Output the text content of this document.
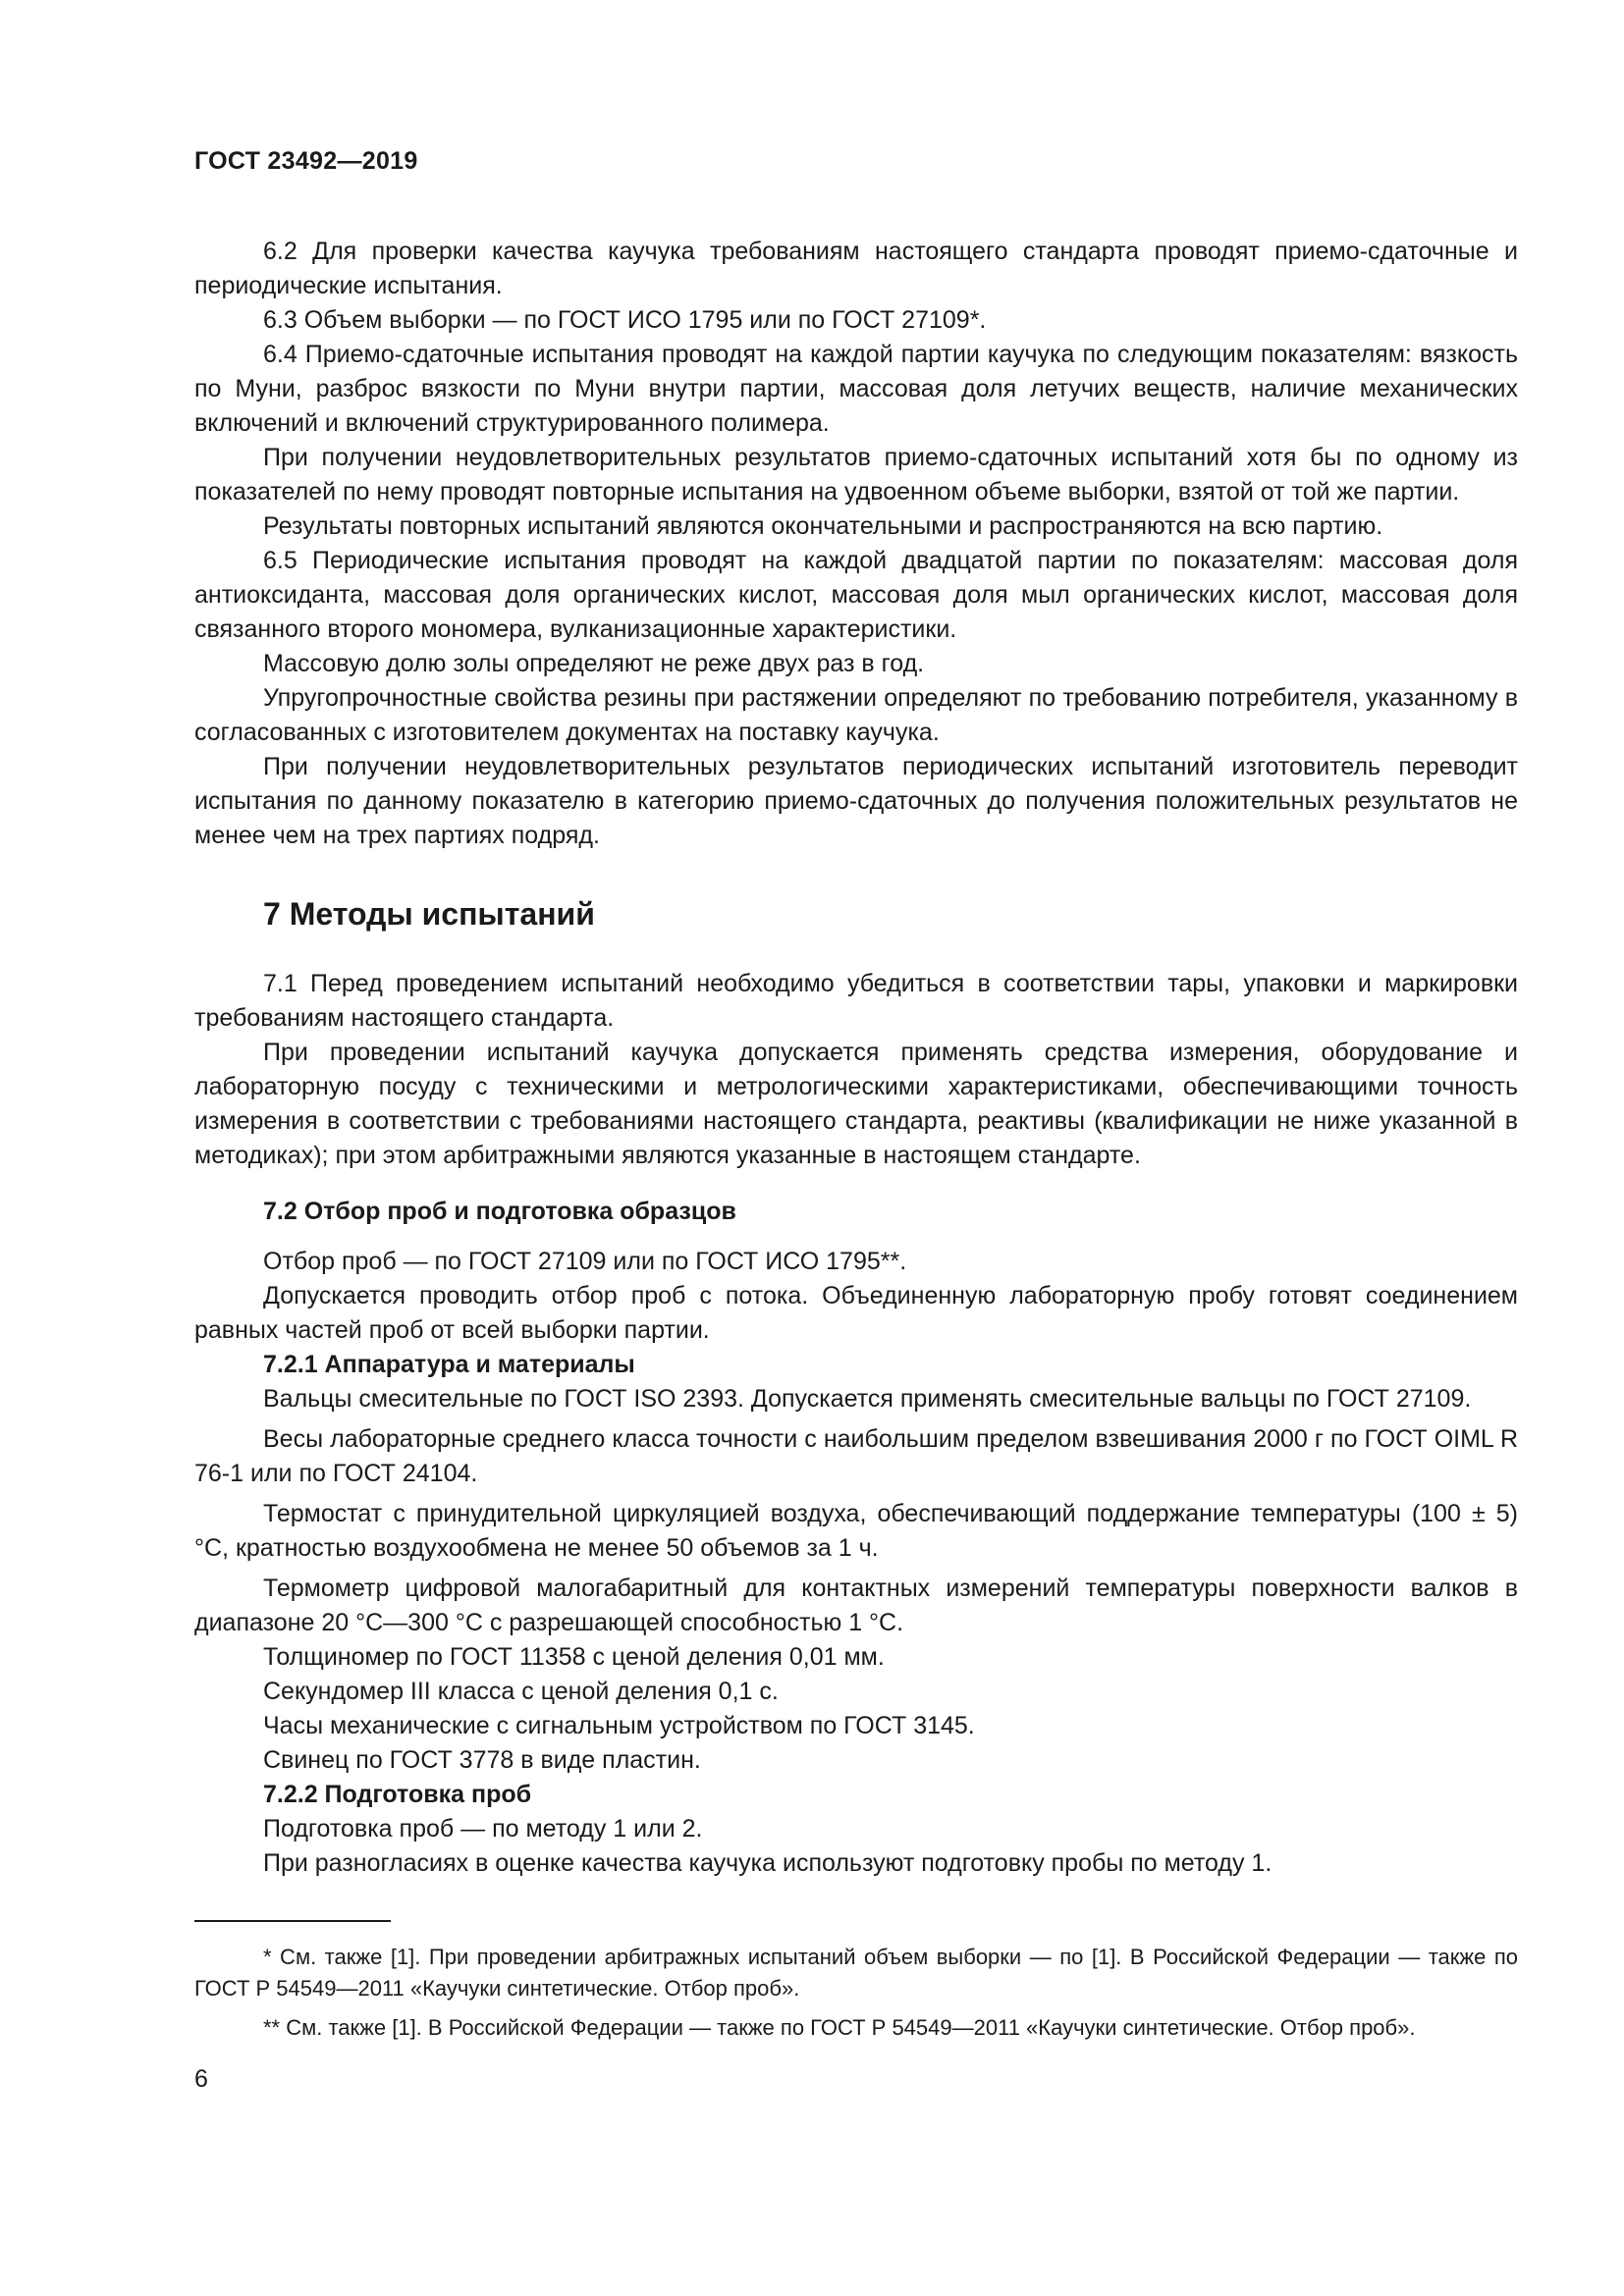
ГОСТ 23492—2019

6.2 Для проверки качества каучука требованиям настоящего стандарта проводят приемо-сдаточные и периодические испытания.

6.3 Объем выборки — по ГОСТ ИСО 1795 или по ГОСТ 27109*.

6.4 Приемо-сдаточные испытания проводят на каждой партии каучука по следующим показателям: вязкость по Муни, разброс вязкости по Муни внутри партии, массовая доля летучих веществ, наличие механических включений и включений структурированного полимера.

При получении неудовлетворительных результатов приемо-сдаточных испытаний хотя бы по одному из показателей по нему проводят повторные испытания на удвоенном объеме выборки, взятой от той же партии.

Результаты повторных испытаний являются окончательными и распространяются на всю партию.

6.5 Периодические испытания проводят на каждой двадцатой партии по показателям: массовая доля антиоксиданта, массовая доля органических кислот, массовая доля мыл органических кислот, массовая доля связанного второго мономера, вулканизационные характеристики.

Массовую долю золы определяют не реже двух раз в год.

Упругопрочностные свойства резины при растяжении определяют по требованию потребителя, указанному в согласованных с изготовителем документах на поставку каучука.

При получении неудовлетворительных результатов периодических испытаний изготовитель переводит испытания по данному показателю в категорию приемо-сдаточных до получения положительных результатов не менее чем на трех партиях подряд.

7 Методы испытаний

7.1 Перед проведением испытаний необходимо убедиться в соответствии тары, упаковки и маркировки требованиям настоящего стандарта.

При проведении испытаний каучука допускается применять средства измерения, оборудование и лабораторную посуду с техническими и метрологическими характеристиками, обеспечивающими точность измерения в соответствии с требованиями настоящего стандарта, реактивы (квалификации не ниже указанной в методиках); при этом арбитражными являются указанные в настоящем стандарте.

7.2 Отбор проб и подготовка образцов

Отбор проб — по ГОСТ 27109 или по ГОСТ ИСО 1795**.

Допускается проводить отбор проб с потока. Объединенную лабораторную пробу готовят соединением равных частей проб от всей выборки партии.

7.2.1 Аппаратура и материалы

Вальцы смесительные по ГОСТ ISO 2393. Допускается применять смесительные вальцы по ГОСТ 27109.

Весы лабораторные среднего класса точности с наибольшим пределом взвешивания 2000 г по ГОСТ OIML R 76-1 или по ГОСТ 24104.

Термостат с принудительной циркуляцией воздуха, обеспечивающий поддержание температуры (100 ± 5) °С, кратностью воздухообмена не менее 50 объемов за 1 ч.

Термометр цифровой малогабаритный для контактных измерений температуры поверхности валков в диапазоне 20 °С—300 °С с разрешающей способностью 1 °С.

Толщиномер по ГОСТ 11358 с ценой деления 0,01 мм.

Секундомер III класса с ценой деления 0,1 с.

Часы механические с сигнальным устройством по ГОСТ 3145.

Свинец по ГОСТ 3778 в виде пластин.

7.2.2 Подготовка проб

Подготовка проб — по методу 1 или 2.

При разногласиях в оценке качества каучука используют подготовку пробы по методу 1.

* См. также [1]. При проведении арбитражных испытаний объем выборки — по [1]. В Российской Федерации — также по ГОСТ Р 54549—2011 «Каучуки синтетические. Отбор проб».

** См. также [1]. В Российской Федерации — также по ГОСТ Р 54549—2011 «Каучуки синтетические. Отбор проб».

6
